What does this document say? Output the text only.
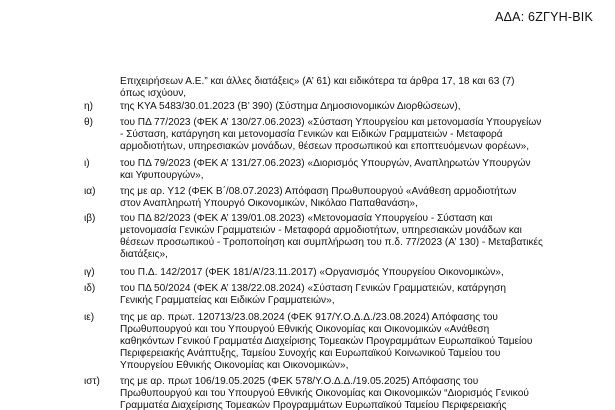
ΑΔΑ: 6ΖΓΥΗ-ΒΙΚ
Επιχειρήσεων Α.Ε.” και άλλες διατάξεις» (Α’ 61) και ειδικότερα τα άρθρα 17, 18 και 63 (7)
όπως ισχύουν,
η)	της ΚΥΑ 5483/30.01.2023 (Β’ 390) (Σύστημα Δημοσιονομικών Διορθώσεων),
θ)	του ΠΔ 77/2023 (ΦΕΚ Α’ 130/27.06.2023) «Σύσταση Υπουργείου και μετονομασία Υπουργείων
- Σύσταση, κατάργηση και μετονομασία Γενικών και Ειδικών Γραμματειών - Μεταφορά
αρμοδιοτήτων, υπηρεσιακών μονάδων, θέσεων προσωπικού και εποπτευόμενων φορέων»,
ι)	του ΠΔ 79/2023 (ΦΕΚ Α’ 131/27.06.2023) «Διορισμός Υπουργών, Αναπληρωτών Υπουργών
και Υφυπουργών»,
ια) της με αρ. Υ12 (ΦΕΚ Β΄/08.07.2023) Απόφαση Πρωθυπουργού «Ανάθεση αρμοδιοτήτων
στον Αναπληρωτή Υπουργό Οικονομικών, Νικόλαο Παπαθανάση»,
ιβ) του ΠΔ 82/2023 (ΦΕΚ Α’ 139/01.08.2023) «Μετονομασία Υπουργείου - Σύσταση και
μετονομασία Γενικών Γραμματειών - Μεταφορά αρμοδιοτήτων, υπηρεσιακών μονάδων και
θέσεων προσωπικού - Τροποποίηση και συμπλήρωση του π.δ. 77/2023 (Α’ 130) - Μεταβατικές
διατάξεις»,
ιγ)	του Π.Δ. 142/2017 (ΦΕΚ 181/Α’/23.11.2017) «Οργανισμός Υπουργείου Οικονομικών»,
ιδ) του ΠΔ 50/2024 (ΦΕΚ Α’ 138/22.08.2024) «Σύσταση Γενικών Γραμματειών, κατάργηση
Γενικής Γραμματείας και Ειδικών Γραμματειών»,
ιε)	της με αρ. πρωτ. 120713/23.08.2024 (ΦΕΚ 917/Υ.Ο.Δ.Δ./23.08.2024) Απόφασης του
Πρωθυπουργού και του Υπουργού Εθνικής Οικονομίας και Οικονομικών «Ανάθεση
καθηκόντων Γενικού Γραμματέα Διαχείρισης Τομεακών Προγραμμάτων Ευρωπαϊκού Ταμείου
Περιφερειακής Ανάπτυξης, Ταμείου Συνοχής και Ευρωπαϊκού Κοινωνικού Ταμείου του
Υπουργείου Εθνικής Οικονομίας και Οικονομικών»,
ιστ) της με αρ. πρωτ 106/19.05.2025 (ΦΕΚ 578/Υ.Ο.Δ.Δ./19.05.2025) Απόφασης του
Πρωθυπουργού και του Υπουργού Εθνικής Οικονομίας και Οικονομικών “Διορισμός Γενικού
Γραμματέα Διαχείρισης Τομεακών Προγραμμάτων Ευρωπαϊκού Ταμείου Περιφερειακής
